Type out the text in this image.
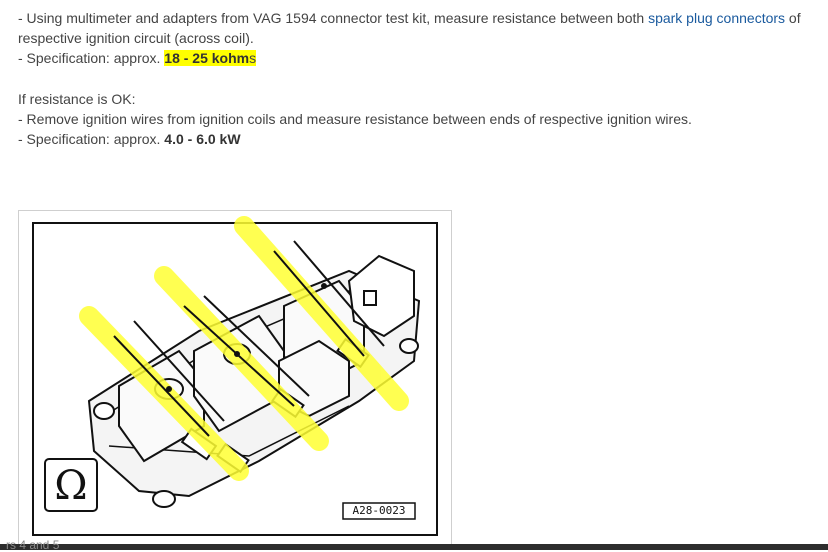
- Using multimeter and adapters from VAG 1594 connector test kit, measure resistance between both spark plug connectors of
respective ignition circuit (across coil).
- Specification: approx. 18 - 25 kohms
If resistance is OK:
- Remove ignition wires from ignition coils and measure resistance between ends of respective ignition wires.
- Specification: approx. 4.0 - 6.0 kW
Ω
A28-0023
rs 4 and 5
